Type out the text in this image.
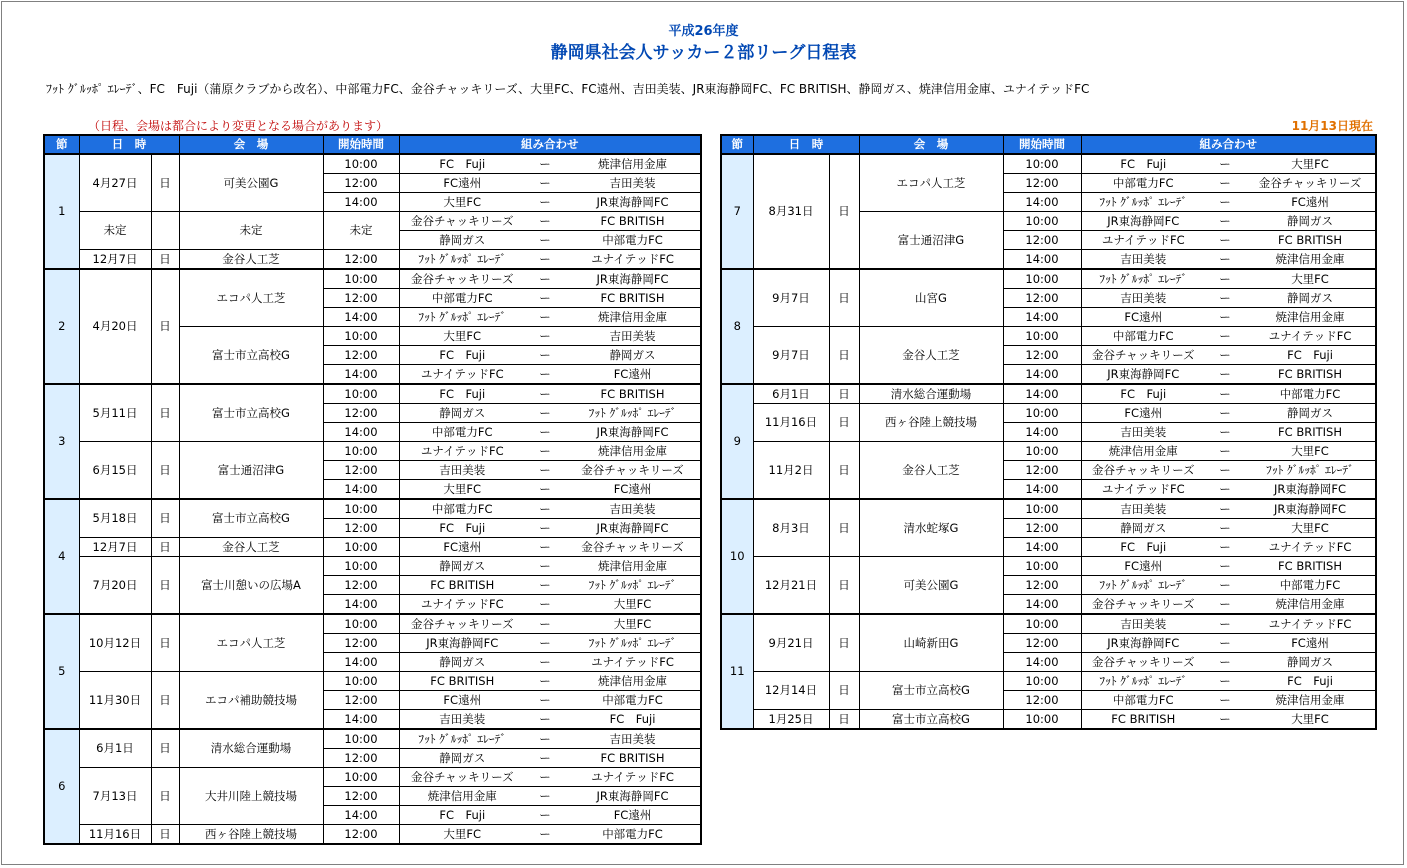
平成26年度
静岡県社会人サッカー２部リーグ日程表
ﾌｯﾄ ｸﾞﾙｯﾎﾟ ｴﾚｰﾃﾞ、FC　Fuji（蒲原クラブから改名）、中部電力FC、金谷チャッキリーズ、大里FC、FC遠州、吉田美装、JR東海静岡FC、FC BRITISH、静岡ガス、焼津信用金庫、ユナイテッドFC
（日程、会場は都合により変更となる場合があります）	11月13日現在
節	日　時		会　場	開始時間	組み合わせ		
1	4月27日	日	可美公園G	10:00	FC　Fuji	ー	焼津信用金庫
				12:00	FC遠州	ー	吉田美装
				14:00	大里FC	ー	JR東海静岡FC
	未定		未定	未定	金谷チャッキリーズ	ー	FC BRITISH
					静岡ガス	ー	中部電力FC
	12月7日	日	金谷人工芝	12:00	ﾌｯﾄ ｸﾞﾙｯﾎﾟ ｴﾚｰﾃﾞ	ー	ユナイテッドFC
2	4月20日	日	エコパ人工芝	10:00	金谷チャッキリーズ	ー	JR東海静岡FC
				12:00	中部電力FC	ー	FC BRITISH
				14:00	ﾌｯﾄ ｸﾞﾙｯﾎﾟ ｴﾚｰﾃﾞ	ー	焼津信用金庫
			富士市立高校G	10:00	大里FC	ー	吉田美装
				12:00	FC　Fuji	ー	静岡ガス
				14:00	ユナイテッドFC	ー	FC遠州
3	5月11日	日	富士市立高校G	10:00	FC　Fuji	ー	FC BRITISH
				12:00	静岡ガス	ー	ﾌｯﾄ ｸﾞﾙｯﾎﾟ ｴﾚｰﾃﾞ
				14:00	中部電力FC	ー	JR東海静岡FC
	6月15日	日	富士通沼津G	10:00	ユナイテッドFC	ー	焼津信用金庫
				12:00	吉田美装	ー	金谷チャッキリーズ
				14:00	大里FC	ー	FC遠州
4	5月18日	日	富士市立高校G	10:00	中部電力FC	ー	吉田美装
				12:00	FC　Fuji	ー	JR東海静岡FC
	12月7日	日	金谷人工芝	10:00	FC遠州	ー	金谷チャッキリーズ
	7月20日	日	富士川憩いの広場A	10:00	静岡ガス	ー	焼津信用金庫
				12:00	FC BRITISH	ー	ﾌｯﾄ ｸﾞﾙｯﾎﾟ ｴﾚｰﾃﾞ
				14:00	ユナイテッドFC	ー	大里FC
5	10月12日	日	エコパ人工芝	10:00	金谷チャッキリーズ	ー	大里FC
				12:00	JR東海静岡FC	ー	ﾌｯﾄ ｸﾞﾙｯﾎﾟ ｴﾚｰﾃﾞ
				14:00	静岡ガス	ー	ユナイテッドFC
	11月30日	日	エコパ補助競技場	10:00	FC BRITISH	ー	焼津信用金庫
				12:00	FC遠州	ー	中部電力FC
				14:00	吉田美装	ー	FC　Fuji
6	6月1日	日	清水総合運動場	10:00	ﾌｯﾄ ｸﾞﾙｯﾎﾟ ｴﾚｰﾃﾞ	ー	吉田美装
				12:00	静岡ガス	ー	FC BRITISH
	7月13日	日	大井川陸上競技場	10:00	金谷チャッキリーズ	ー	ユナイテッドFC
				12:00	焼津信用金庫	ー	JR東海静岡FC
				14:00	FC　Fuji	ー	FC遠州
	11月16日	日	西ヶ谷陸上競技場	12:00	大里FC	ー	中部電力FC
節	日　時		会　場	開始時間	組み合わせ		
7	8月31日	日	エコパ人工芝	10:00	FC　Fuji	ー	大里FC
				12:00	中部電力FC	ー	金谷チャッキリーズ
				14:00	ﾌｯﾄ ｸﾞﾙｯﾎﾟ ｴﾚｰﾃﾞ	ー	FC遠州
			富士通沼津G	10:00	JR東海静岡FC	ー	静岡ガス
				12:00	ユナイテッドFC	ー	FC BRITISH
				14:00	吉田美装	ー	焼津信用金庫
8	9月7日	日	山宮G	10:00	ﾌｯﾄ ｸﾞﾙｯﾎﾟ ｴﾚｰﾃﾞ	ー	大里FC
				12:00	吉田美装	ー	静岡ガス
				14:00	FC遠州	ー	焼津信用金庫
	9月7日	日	金谷人工芝	10:00	中部電力FC	ー	ユナイテッドFC
				12:00	金谷チャッキリーズ	ー	FC　Fuji
				14:00	JR東海静岡FC	ー	FC BRITISH
9	6月1日	日	清水総合運動場	14:00	FC　Fuji	ー	中部電力FC
	11月16日	日	西ヶ谷陸上競技場	10:00	FC遠州	ー	静岡ガス
				14:00	吉田美装	ー	FC BRITISH
	11月2日	日	金谷人工芝	10:00	焼津信用金庫	ー	大里FC
				12:00	金谷チャッキリーズ	ー	ﾌｯﾄ ｸﾞﾙｯﾎﾟ ｴﾚｰﾃﾞ
				14:00	ユナイテッドFC	ー	JR東海静岡FC
10	8月3日	日	清水蛇塚G	10:00	吉田美装	ー	JR東海静岡FC
				12:00	静岡ガス	ー	大里FC
				14:00	FC　Fuji	ー	ユナイテッドFC
	12月21日	日	可美公園G	10:00	FC遠州	ー	FC BRITISH
				12:00	ﾌｯﾄ ｸﾞﾙｯﾎﾟ ｴﾚｰﾃﾞ	ー	中部電力FC
				14:00	金谷チャッキリーズ	ー	焼津信用金庫
11	9月21日	日	山崎新田G	10:00	吉田美装	ー	ユナイテッドFC
				12:00	JR東海静岡FC	ー	FC遠州
				14:00	金谷チャッキリーズ	ー	静岡ガス
	12月14日	日	富士市立高校G	10:00	ﾌｯﾄ ｸﾞﾙｯﾎﾟ ｴﾚｰﾃﾞ	ー	FC　Fuji
				12:00	中部電力FC	ー	焼津信用金庫
	1月25日	日	富士市立高校G	10:00	FC BRITISH	ー	大里FC
